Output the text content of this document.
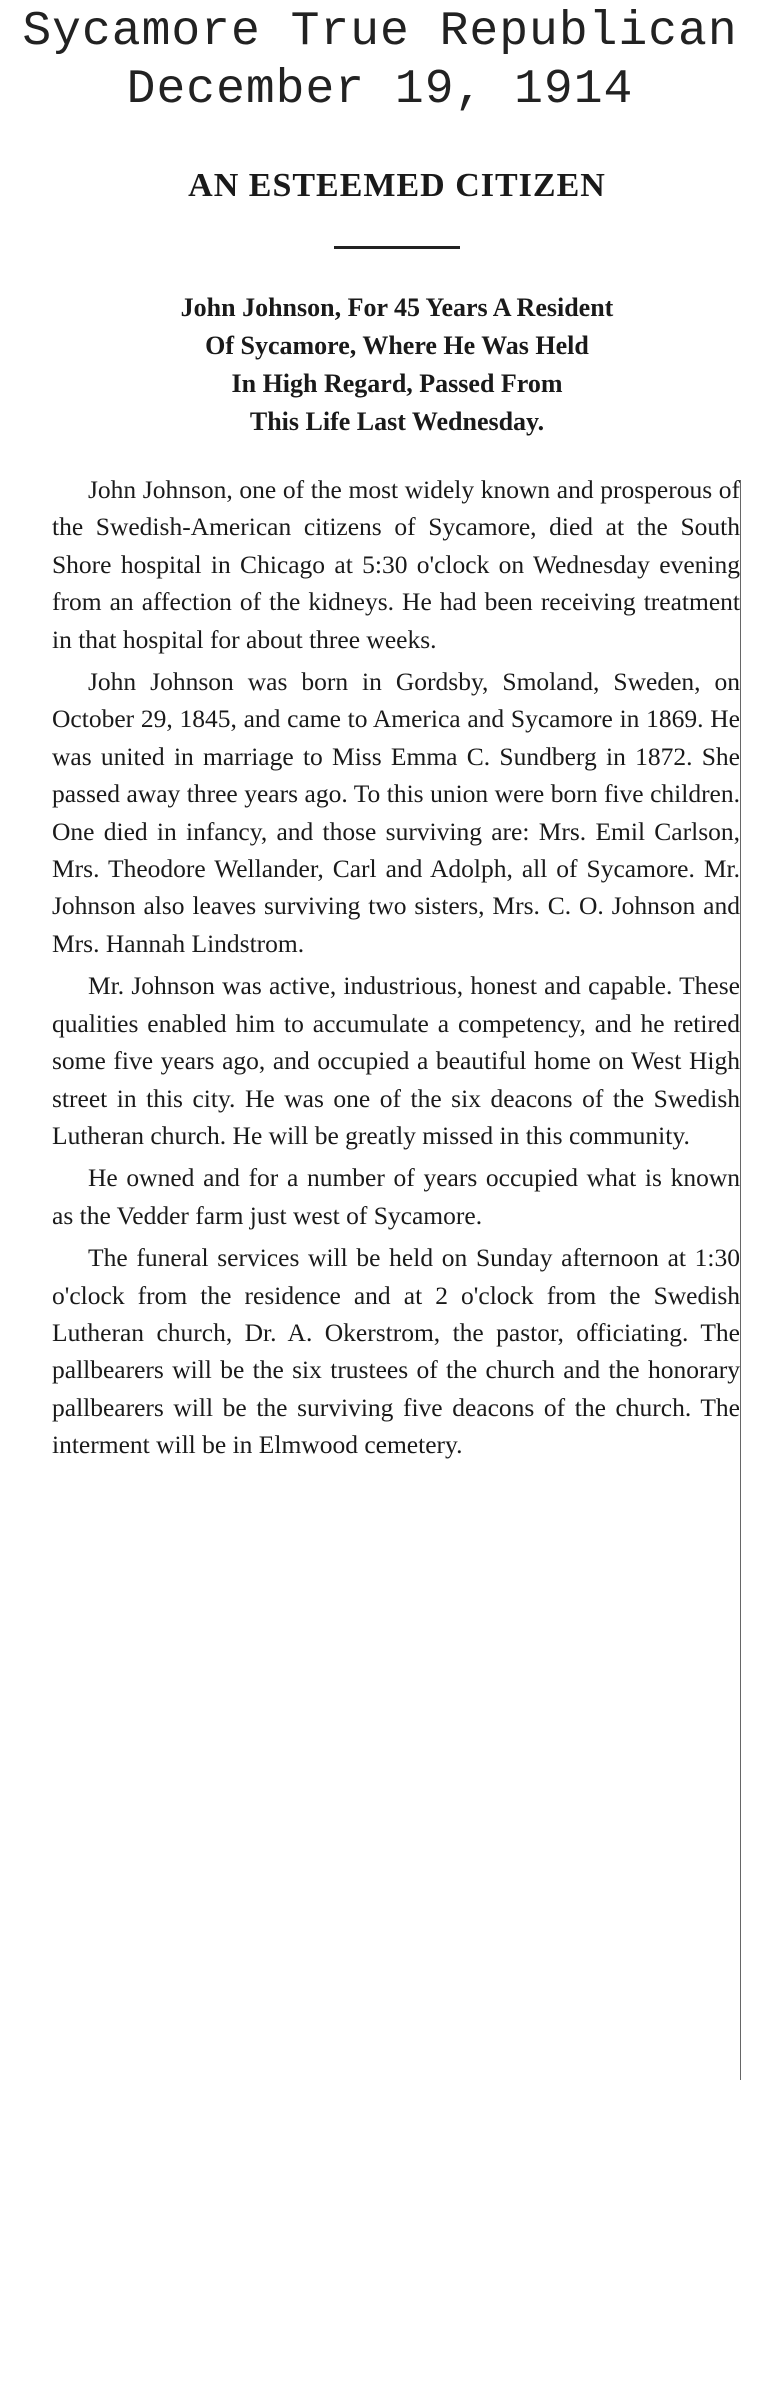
Sycamore True Republican
December 19, 1914
AN ESTEEMED CITIZEN
John Johnson, For 45 Years A Resident
Of Sycamore, Where He Was Held
In High Regard, Passed From
This Life Last Wednesday.

John Johnson, one of the most widely known and prosperous of the Swedish-American citizens of Sycamore, died at the South Shore hospital in Chicago at 5:30 o'clock on Wednesday evening from an affection of the kidneys. He had been receiving treatment in that hospital for about three weeks.

John Johnson was born in Gordsby, Smoland, Sweden, on October 29, 1845, and came to America and Sycamore in 1869. He was united in marriage to Miss Emma C. Sundberg in 1872. She passed away three years ago. To this union were born five children. One died in infancy, and those surviving are: Mrs. Emil Carlson, Mrs. Theodore Wellander, Carl and Adolph, all of Sycamore. Mr. Johnson also leaves surviving two sisters, Mrs. C. O. Johnson and Mrs. Hannah Lindstrom.

Mr. Johnson was active, industrious, honest and capable. These qualities enabled him to accumulate a competency, and he retired some five years ago, and occupied a beautiful home on West High street in this city. He was one of the six deacons of the Swedish Lutheran church. He will be greatly missed in this community.

He owned and for a number of years occupied what is known as the Vedder farm just west of Sycamore.

The funeral services will be held on Sunday afternoon at 1:30 o'clock from the residence and at 2 o'clock from the Swedish Lutheran church, Dr. A. Okerstrom, the pastor, officiating. The pallbearers will be the six trustees of the church and the honorary pallbearers will be the surviving five deacons of the church. The interment will be in Elmwood cemetery.
